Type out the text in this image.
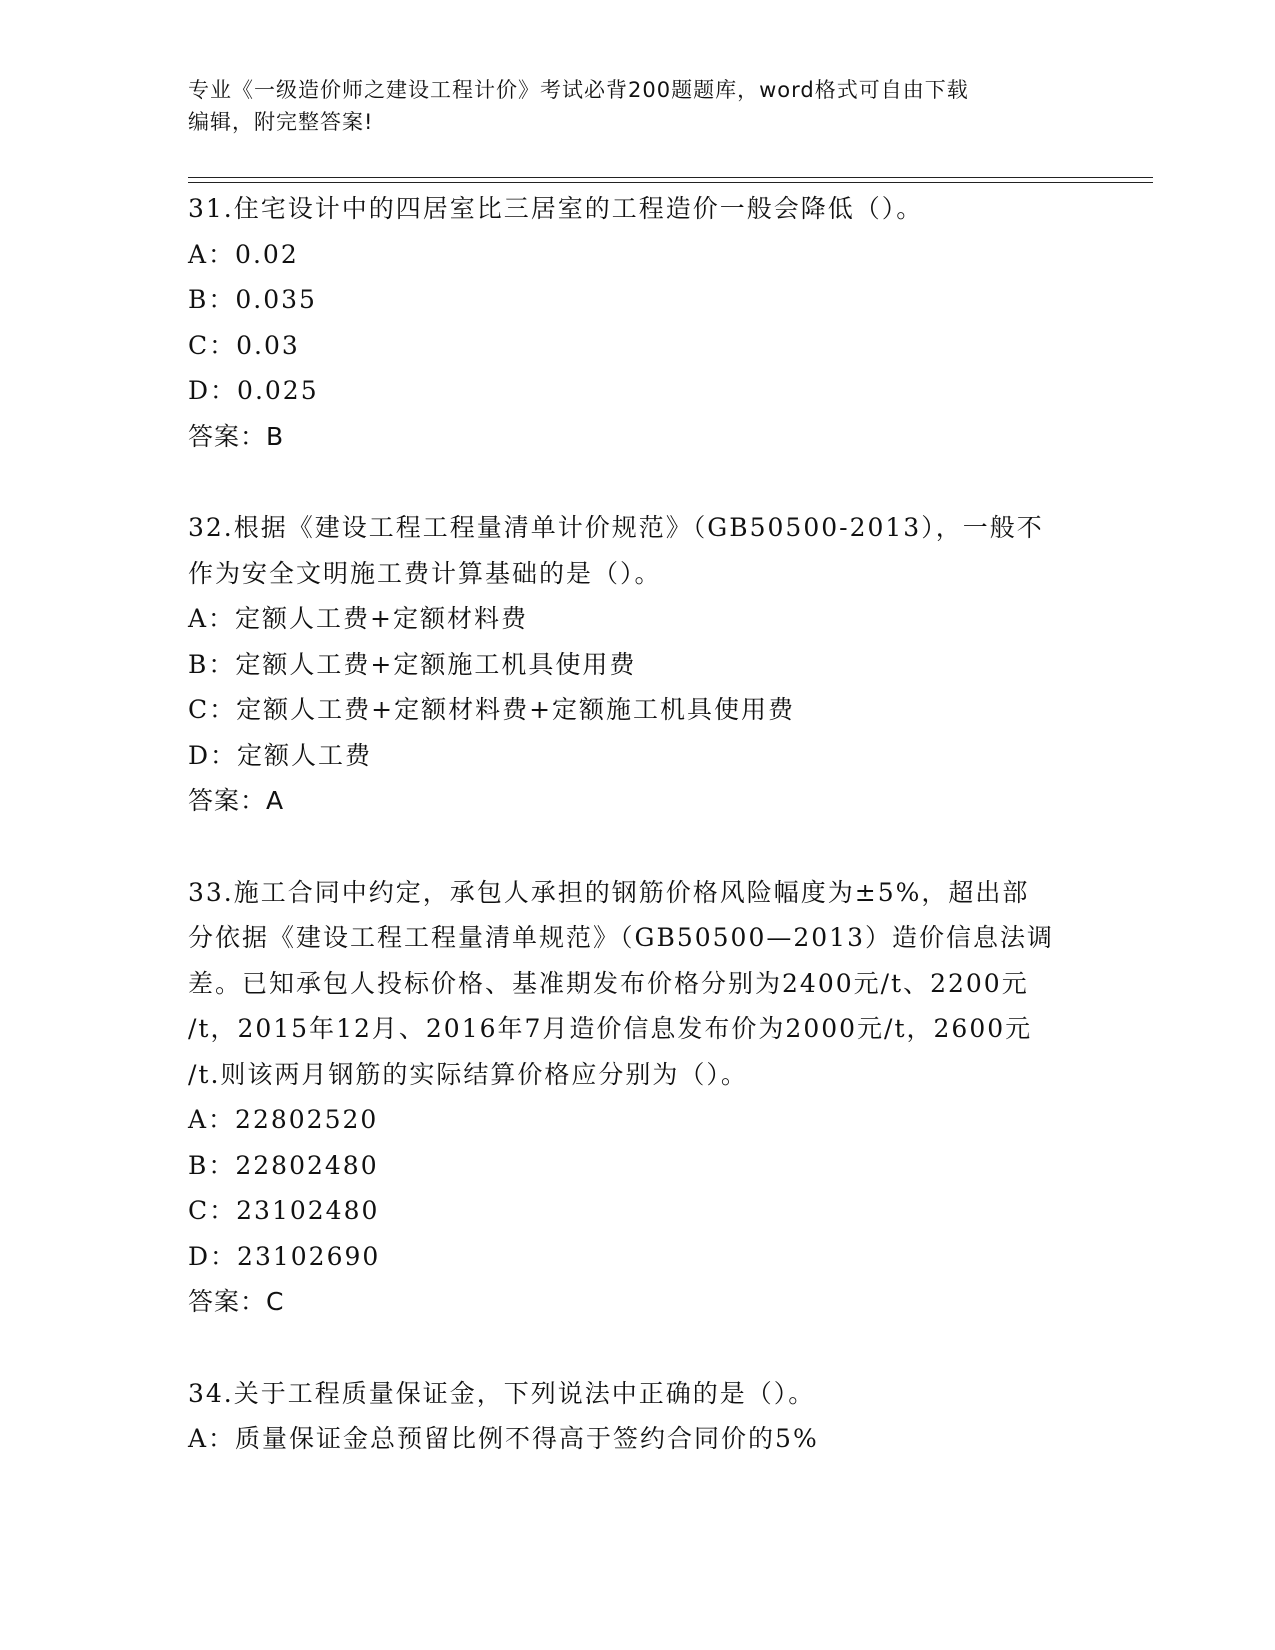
专业《一级造价师之建设工程计价》考试必背200题题库，word格式可自由下载

编辑，附完整答案!

31.住宅设计中的四居室比三居室的工程造价一般会降低（）。

A：0.02

B：0.035

C：0.03

D：0.025

答案：B

32.根据《建设工程工程量清单计价规范》（GB50500-2013），一般不

作为安全文明施工费计算基础的是（）。

A：定额人工费+定额材料费

B：定额人工费+定额施工机具使用费

C：定额人工费+定额材料费+定额施工机具使用费

D：定额人工费

答案：A

33.施工合同中约定，承包人承担的钢筋价格风险幅度为±5%，超出部

分依据《建设工程工程量清单规范》（GB50500—2013）造价信息法调

差。已知承包人投标价格、基准期发布价格分别为2400元/t、2200元

/t，2015年12月、2016年7月造价信息发布价为2000元/t，2600元

/t.则该两月钢筋的实际结算价格应分别为（）。

A：22802520

B：22802480

C：23102480

D：23102690

答案：C

34.关于工程质量保证金，下列说法中正确的是（）。

A：质量保证金总预留比例不得高于签约合同价的5%
